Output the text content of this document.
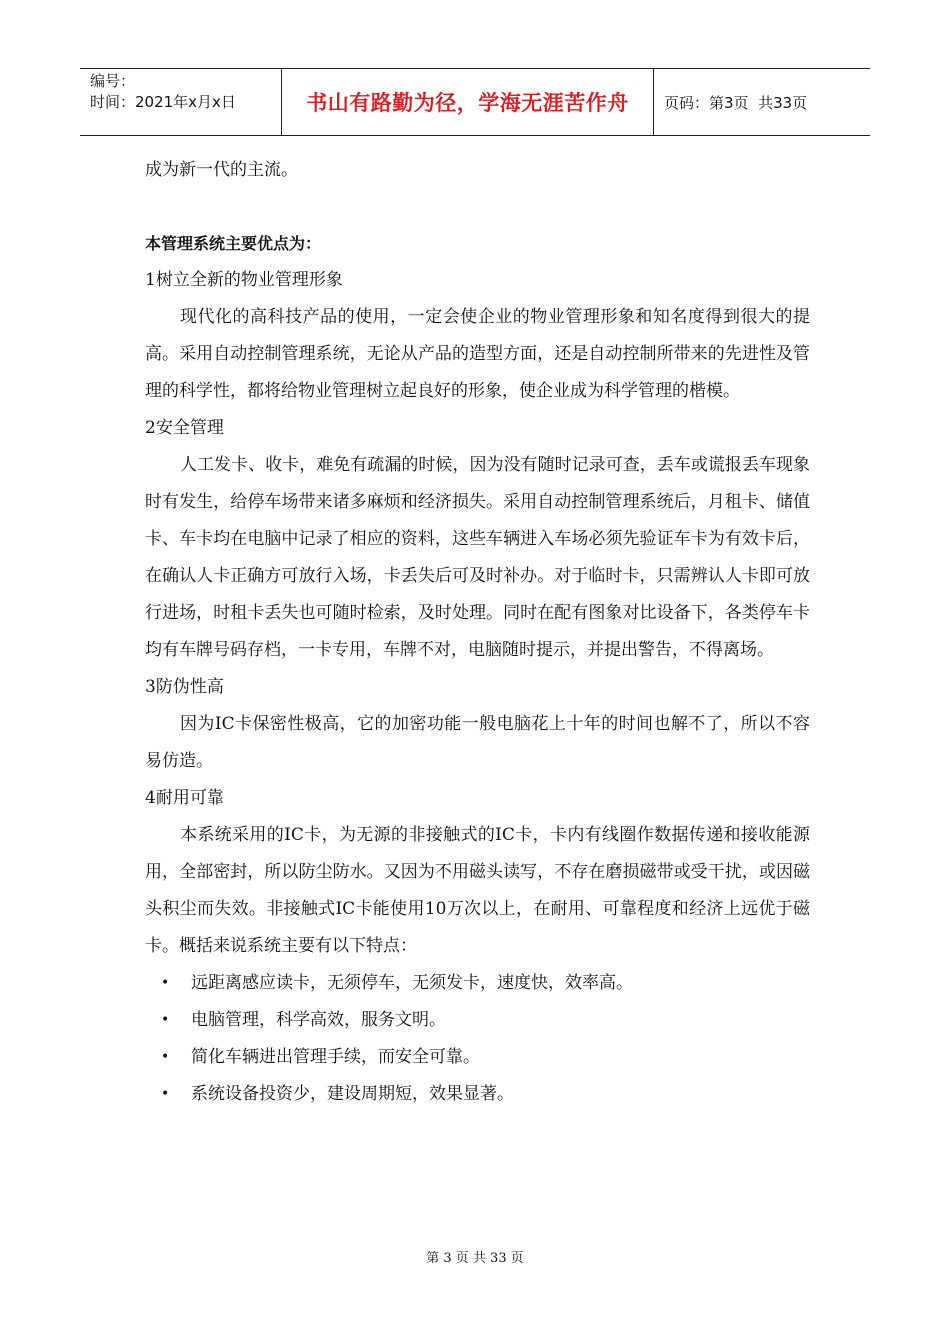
编号：
时间：2021年x月x日	书山有路勤为径，学海无涯苦作舟	页码：第3页  共33页

成为新一代的主流。

本管理系统主要优点为：

1树立全新的物业管理形象

现代化的高科技产品的使用，一定会使企业的物业管理形象和知名度得到很大的提高。采用自动控制管理系统，无论从产品的造型方面，还是自动控制所带来的先进性及管理的科学性，都将给物业管理树立起良好的形象，使企业成为科学管理的楷模。

2安全管理

人工发卡、收卡，难免有疏漏的时候，因为没有随时记录可查，丢车或谎报丢车现象时有发生，给停车场带来诸多麻烦和经济损失。采用自动控制管理系统后，月租卡、储值卡、车卡均在电脑中记录了相应的资料，这些车辆进入车场必须先验证车卡为有效卡后，在确认人卡正确方可放行入场，卡丢失后可及时补办。对于临时卡，只需辨认人卡即可放行进场，时租卡丢失也可随时检索，及时处理。同时在配有图象对比设备下，各类停车卡均有车牌号码存档，一卡专用，车牌不对，电脑随时提示，并提出警告，不得离场。

3防伪性高

因为IC卡保密性极高，它的加密功能一般电脑花上十年的时间也解不了，所以不容易仿造。

4耐用可靠

本系统采用的IC卡，为无源的非接触式的IC卡，卡内有线圈作数据传递和接收能源用，全部密封，所以防尘防水。又因为不用磁头读写，不存在磨损磁带或受干扰，或因磁头积尘而失效。非接触式IC卡能使用10万次以上，在耐用、可靠程度和经济上远优于磁卡。概括来说系统主要有以下特点：

• 远距离感应读卡，无须停车，无须发卡，速度快，效率高。
• 电脑管理，科学高效，服务文明。
• 简化车辆进出管理手续，而安全可靠。
• 系统设备投资少，建设周期短，效果显著。
第 3 页 共 33 页
